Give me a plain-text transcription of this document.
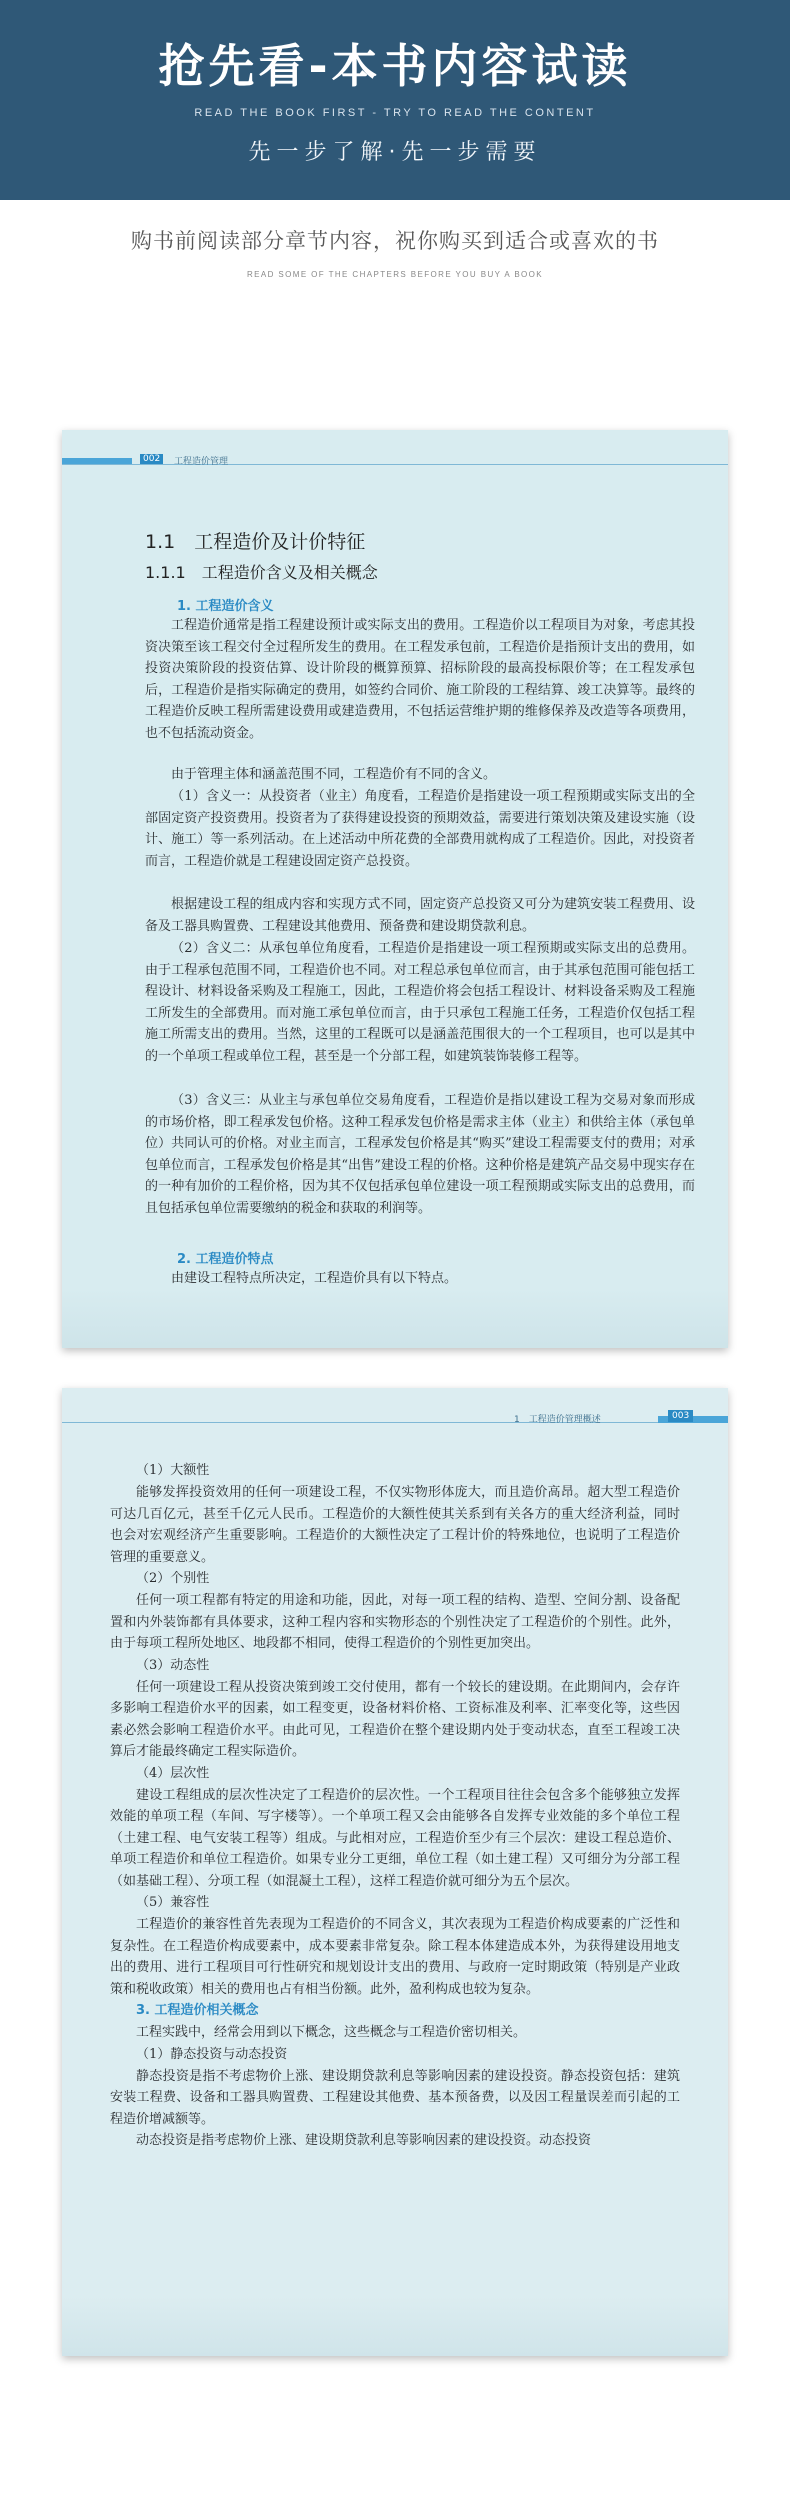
抢先看-本书内容试读
READ THE BOOK FIRST - TRY TO READ THE CONTENT
先一步了解·先一步需要
购书前阅读部分章节内容，祝你购买到适合或喜欢的书
READ SOME OF THE CHAPTERS BEFORE YOU BUY A BOOK
002	工程造价管理
1.1　工程造价及计价特征
1.1.1　工程造价含义及相关概念
1. 工程造价含义

工程造价通常是指工程建设预计或实际支出的费用。工程造价以工程项目为对象，考虑其投资决策至该工程交付全过程所发生的费用。在工程发承包前，工程造价是指预计支出的费用，如投资决策阶段的投资估算、设计阶段的概算预算、招标阶段的最高投标限价等；在工程发承包后，工程造价是指实际确定的费用，如签约合同价、施工阶段的工程结算、竣工决算等。最终的工程造价反映工程所需建设费用或建造费用，不包括运营维护期的维修保养及改造等各项费用，也不包括流动资金。

由于管理主体和涵盖范围不同，工程造价有不同的含义。

（1）含义一：从投资者（业主）角度看，工程造价是指建设一项工程预期或实际支出的全部固定资产投资费用。投资者为了获得建设投资的预期效益，需要进行策划决策及建设实施（设计、施工）等一系列活动。在上述活动中所花费的全部费用就构成了工程造价。因此，对投资者而言，工程造价就是工程建设固定资产总投资。

根据建设工程的组成内容和实现方式不同，固定资产总投资又可分为建筑安装工程费用、设备及工器具购置费、工程建设其他费用、预备费和建设期贷款利息。

（2）含义二：从承包单位角度看，工程造价是指建设一项工程预期或实际支出的总费用。由于工程承包范围不同，工程造价也不同。对工程总承包单位而言，由于其承包范围可能包括工程设计、材料设备采购及工程施工，因此，工程造价将会包括工程设计、材料设备采购及工程施工所发生的全部费用。而对施工承包单位而言，由于只承包工程施工任务，工程造价仅包括工程施工所需支出的费用。当然，这里的工程既可以是涵盖范围很大的一个工程项目，也可以是其中的一个单项工程或单位工程，甚至是一个分部工程，如建筑装饰装修工程等。

（3）含义三：从业主与承包单位交易角度看，工程造价是指以建设工程为交易对象而形成的市场价格，即工程承发包价格。这种工程承发包价格是需求主体（业主）和供给主体（承包单位）共同认可的价格。对业主而言，工程承发包价格是其“购买”建设工程需要支付的费用；对承包单位而言，工程承发包价格是其“出售”建设工程的价格。这种价格是建筑产品交易中现实存在的一种有加价的工程价格，因为其不仅包括承包单位建设一项工程预期或实际支出的总费用，而且包括承包单位需要缴纳的税金和获取的利润等。

2. 工程造价特点

由建设工程特点所决定，工程造价具有以下特点。

1　工程造价管理概述	003
（1）大额性

能够发挥投资效用的任何一项建设工程，不仅实物形体庞大，而且造价高昂。超大型工程造价可达几百亿元，甚至千亿元人民币。工程造价的大额性使其关系到有关各方的重大经济利益，同时也会对宏观经济产生重要影响。工程造价的大额性决定了工程计价的特殊地位，也说明了工程造价管理的重要意义。

（2）个别性

任何一项工程都有特定的用途和功能，因此，对每一项工程的结构、造型、空间分割、设备配置和内外装饰都有具体要求，这种工程内容和实物形态的个别性决定了工程造价的个别性。此外，由于每项工程所处地区、地段都不相同，使得工程造价的个别性更加突出。

（3）动态性

任何一项建设工程从投资决策到竣工交付使用，都有一个较长的建设期。在此期间内，会存许多影响工程造价水平的因素，如工程变更，设备材料价格、工资标准及利率、汇率变化等，这些因素必然会影响工程造价水平。由此可见，工程造价在整个建设期内处于变动状态，直至工程竣工决算后才能最终确定工程实际造价。

（4）层次性

建设工程组成的层次性决定了工程造价的层次性。一个工程项目往往会包含多个能够独立发挥效能的单项工程（车间、写字楼等）。一个单项工程又会由能够各自发挥专业效能的多个单位工程（土建工程、电气安装工程等）组成。与此相对应，工程造价至少有三个层次：建设工程总造价、单项工程造价和单位工程造价。如果专业分工更细，单位工程（如土建工程）又可细分为分部工程（如基础工程）、分项工程（如混凝土工程），这样工程造价就可细分为五个层次。

（5）兼容性

工程造价的兼容性首先表现为工程造价的不同含义，其次表现为工程造价构成要素的广泛性和复杂性。在工程造价构成要素中，成本要素非常复杂。除工程本体建造成本外，为获得建设用地支出的费用、进行工程项目可行性研究和规划设计支出的费用、与政府一定时期政策（特别是产业政策和税收政策）相关的费用也占有相当份额。此外，盈利构成也较为复杂。

3. 工程造价相关概念

工程实践中，经常会用到以下概念，这些概念与工程造价密切相关。

（1）静态投资与动态投资

静态投资是指不考虑物价上涨、建设期贷款利息等影响因素的建设投资。静态投资包括：建筑安装工程费、设备和工器具购置费、工程建设其他费、基本预备费，以及因工程量误差而引起的工程造价增减额等。

动态投资是指考虑物价上涨、建设期贷款利息等影响因素的建设投资。动态投资
